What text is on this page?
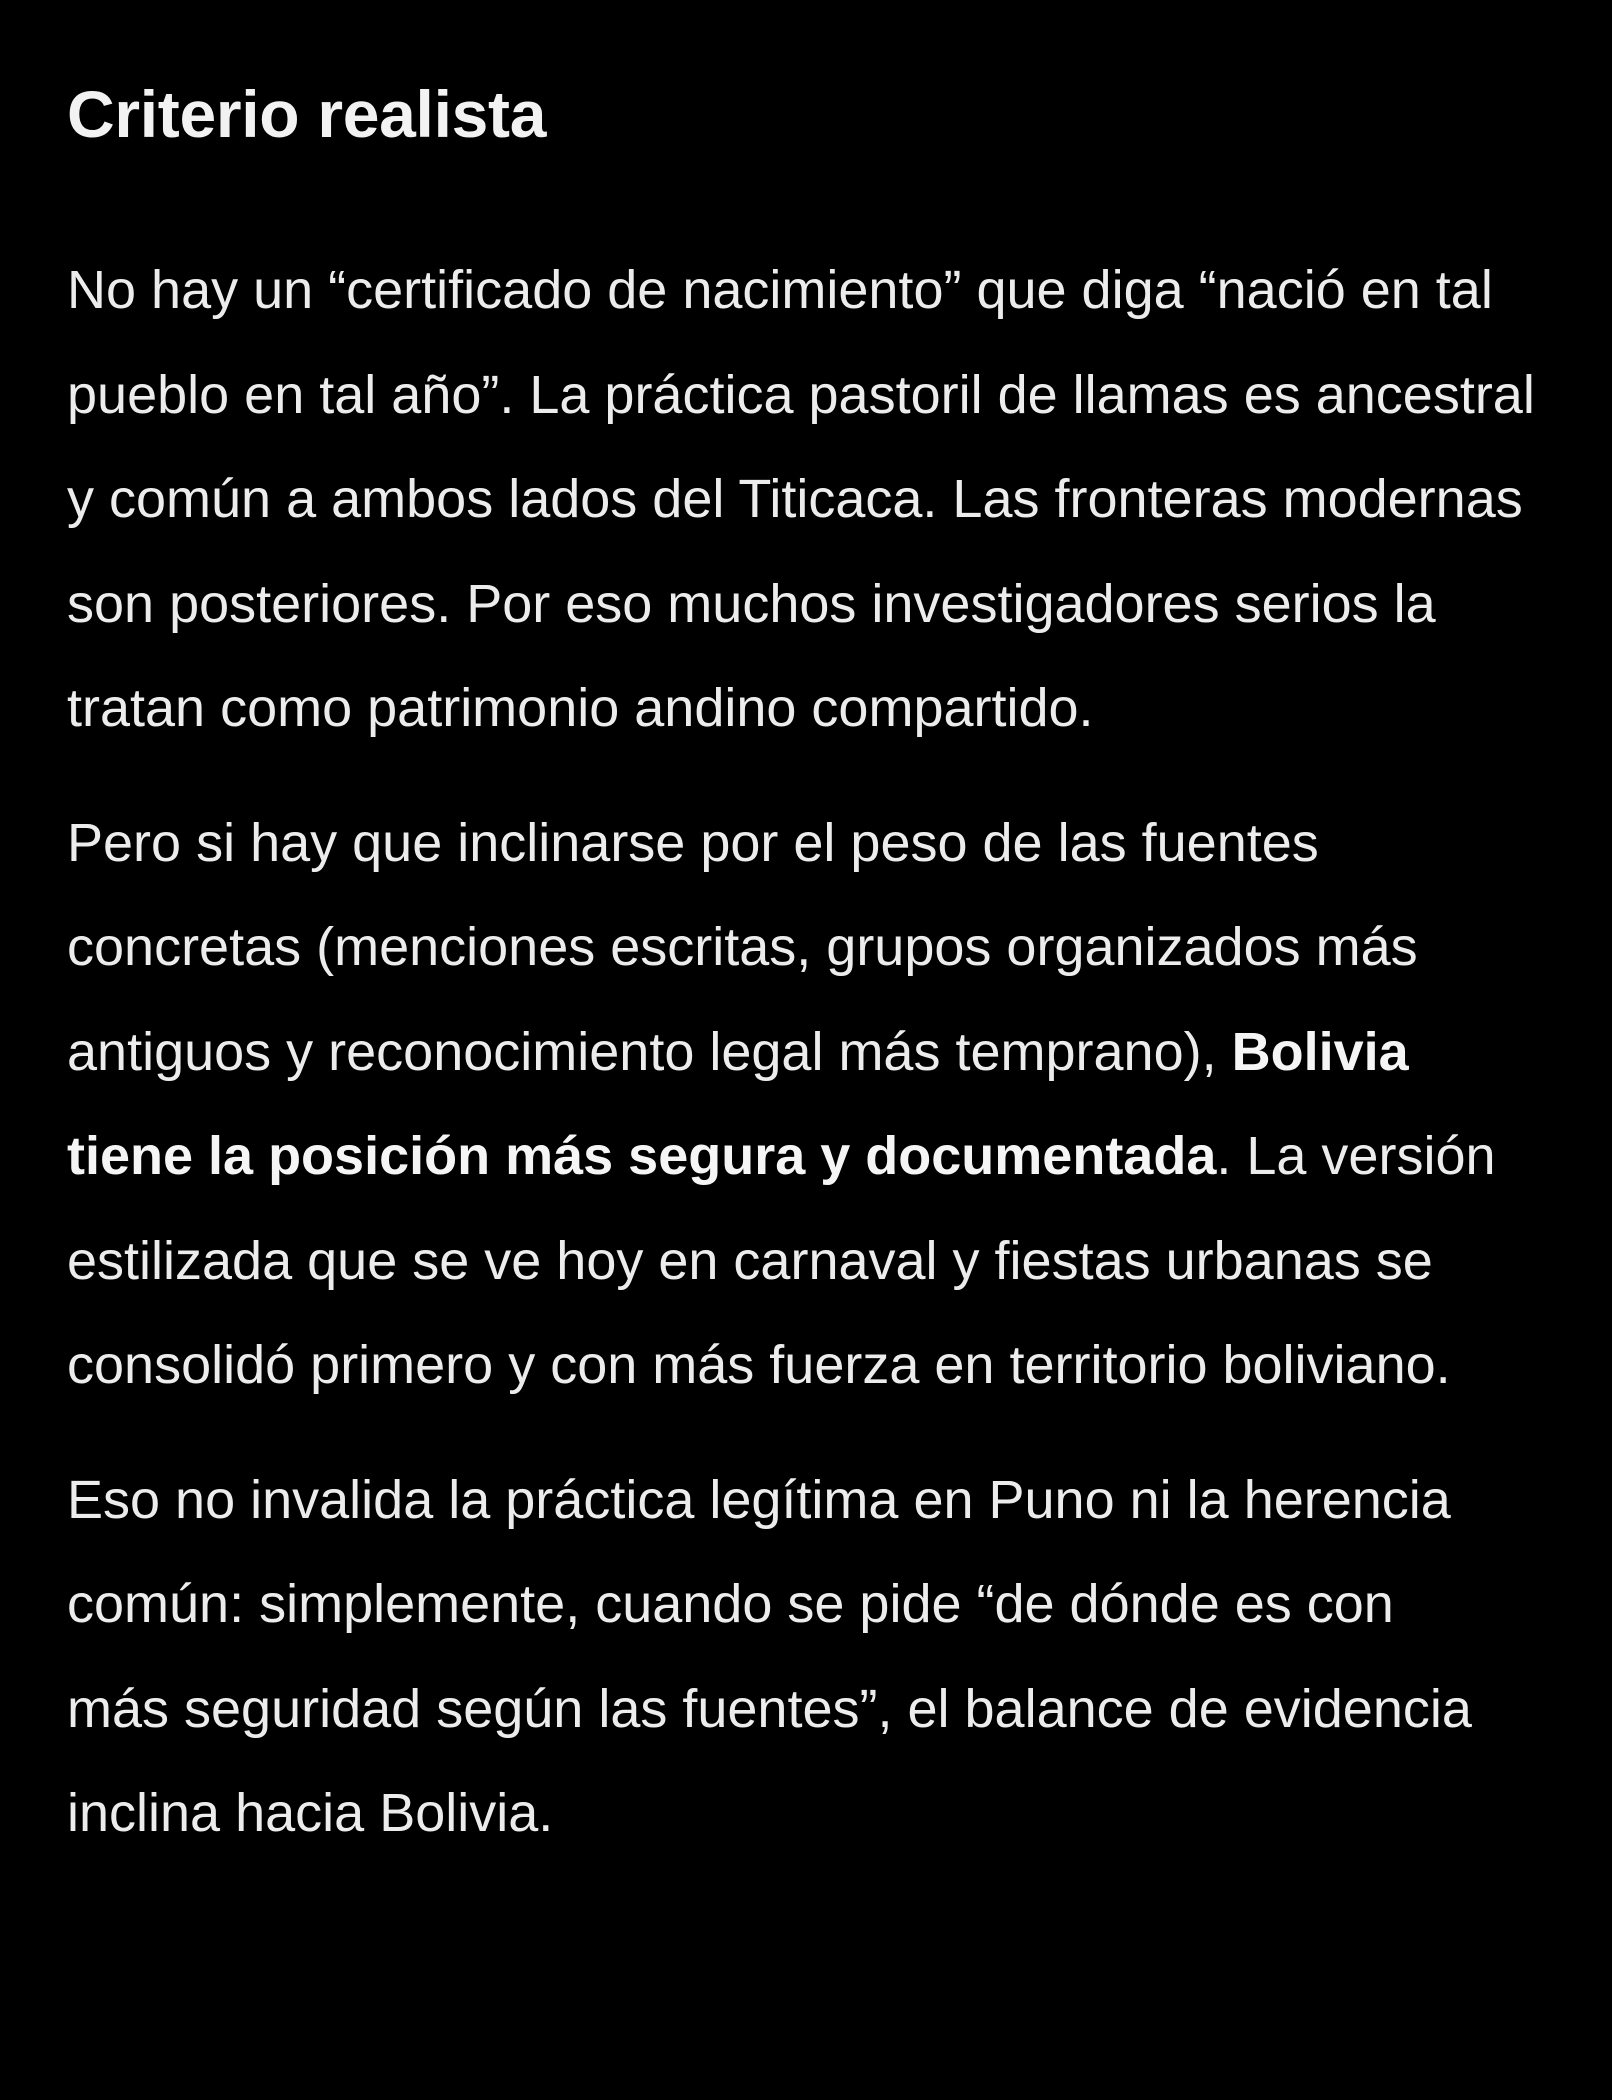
Criterio realista

No hay un “certificado de nacimiento” que diga “nació en tal pueblo en tal año”. La práctica pastoril de llamas es ancestral y común a ambos lados del Titicaca. Las fronteras modernas son posteriores. Por eso muchos investigadores serios la tratan como patrimonio andino compartido.

Pero si hay que inclinarse por el peso de las fuentes concretas (menciones escritas, grupos organizados más antiguos y reconocimiento legal más temprano), Bolivia tiene la posición más segura y documentada. La versión estilizada que se ve hoy en carnaval y fiestas urbanas se consolidó primero y con más fuerza en territorio boliviano.

Eso no invalida la práctica legítima en Puno ni la herencia común: simplemente, cuando se pide “de dónde es con más seguridad según las fuentes”, el balance de evidencia inclina hacia Bolivia.
